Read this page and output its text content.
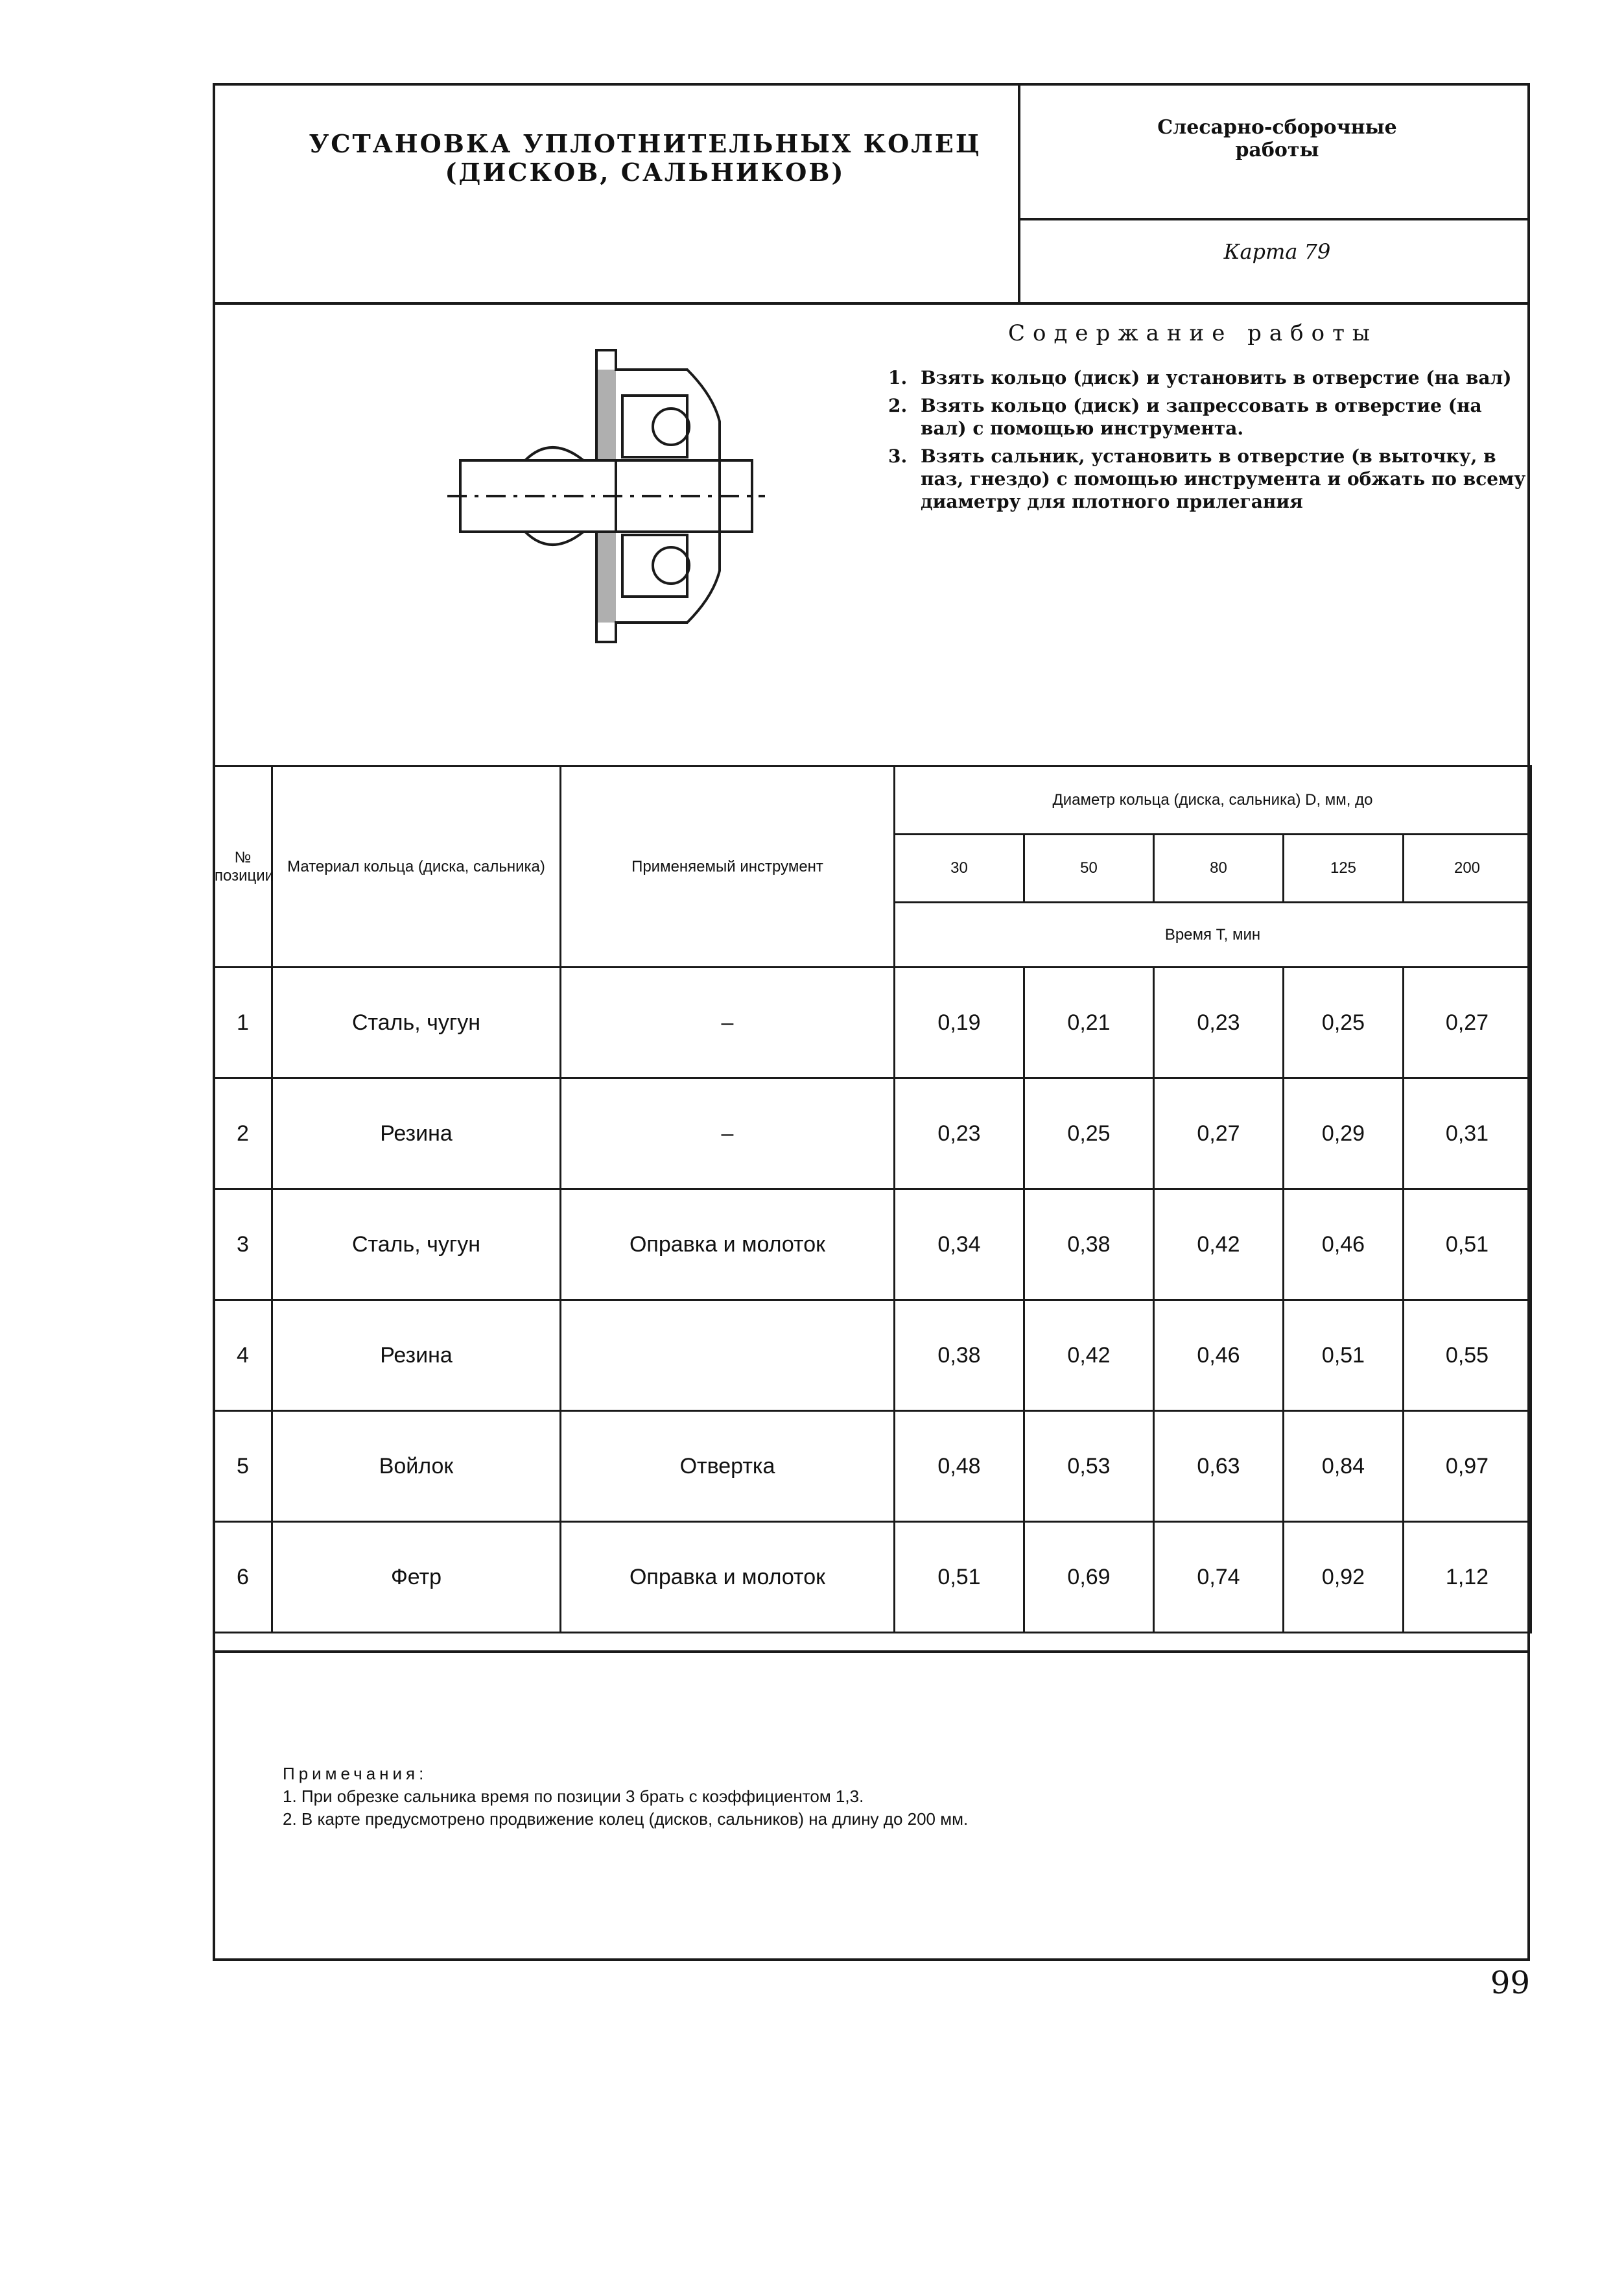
УСТАНОВКА УПЛОТНИТЕЛЬНЫХ КОЛЕЦ
(ДИСКОВ, САЛЬНИКОВ)
Слесарно-сборочные
работы
Карта 79
Содержание работы
1. Взять кольцо (диск) и установить в отверстие (на вал)
2. Взять кольцо (диск) и запрессовать в отверстие (на вал) с помощью инструмента.
3. Взять сальник, установить в отверстие (в выточку, в паз, гнездо) с помощью инструмента и обжать по всему диаметру для плотного прилегания
№ позиции	Материал кольца (диска, сальника)	Применяемый инструмент	Диаметр кольца (диска, сальника) D, мм, до				
			30	50	80	125	200
			Время T, мин				
1	Сталь, чугун	–	0,19	0,21	0,23	0,25	0,27
2	Резина	–	0,23	0,25	0,27	0,29	0,31
3	Сталь, чугун	Оправка и молоток	0,34	0,38	0,42	0,46	0,51
4	Резина		0,38	0,42	0,46	0,51	0,55
5	Войлок	Отвертка	0,48	0,53	0,63	0,84	0,97
6	Фетр	Оправка и молоток	0,51	0,69	0,74	0,92	1,12
Примечания:
1. При обрезке сальника время по позиции 3 брать с коэффициентом 1,3.
2. В карте предусмотрено продвижение колец (дисков, сальников) на длину до 200 мм.
99
